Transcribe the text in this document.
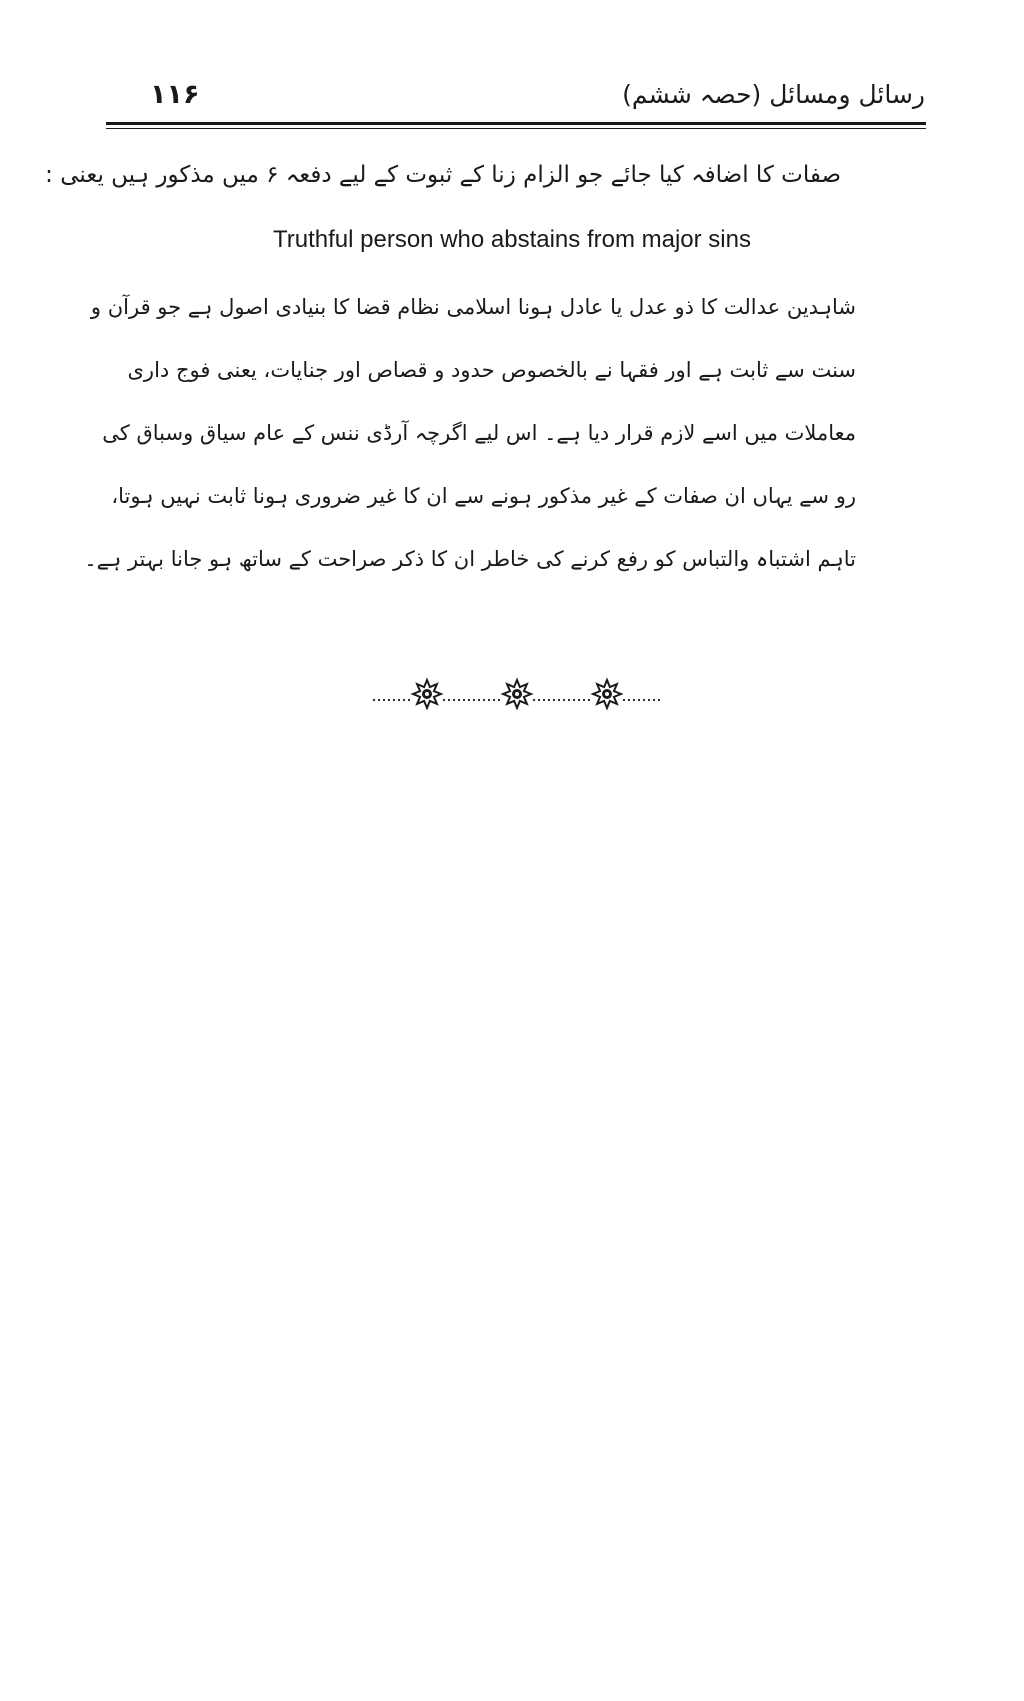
رسائل ومسائل (حصہ ششم)
۱۱۶
صفات کا اضافہ کیا جائے جو الزام زنا کے ثبوت کے لیے دفعہ ۶ میں مذکور ہیں یعنی :
Truthful person who abstains from major sins
شاہدین عدالت کا ذو عدل یا عادل ہونا اسلامی نظام قضا کا بنیادی اصول ہے جو قرآن و
سنت سے ثابت ہے اور فقہا نے بالخصوص حدود و قصاص اور جنایات، یعنی فوج داری
معاملات میں اسے لازم قرار دیا ہے۔ اس لیے اگرچہ آرڈی ننس کے عام سیاق وسباق کی
رو سے یہاں ان صفات کے غیر مذکور ہونے سے ان کا غیر ضروری ہونا ثابت نہیں ہوتا،
تاہم اشتباہ والتباس کو رفع کرنے کی خاطر ان کا ذکر صراحت کے ساتھ ہو جانا بہتر ہے۔
